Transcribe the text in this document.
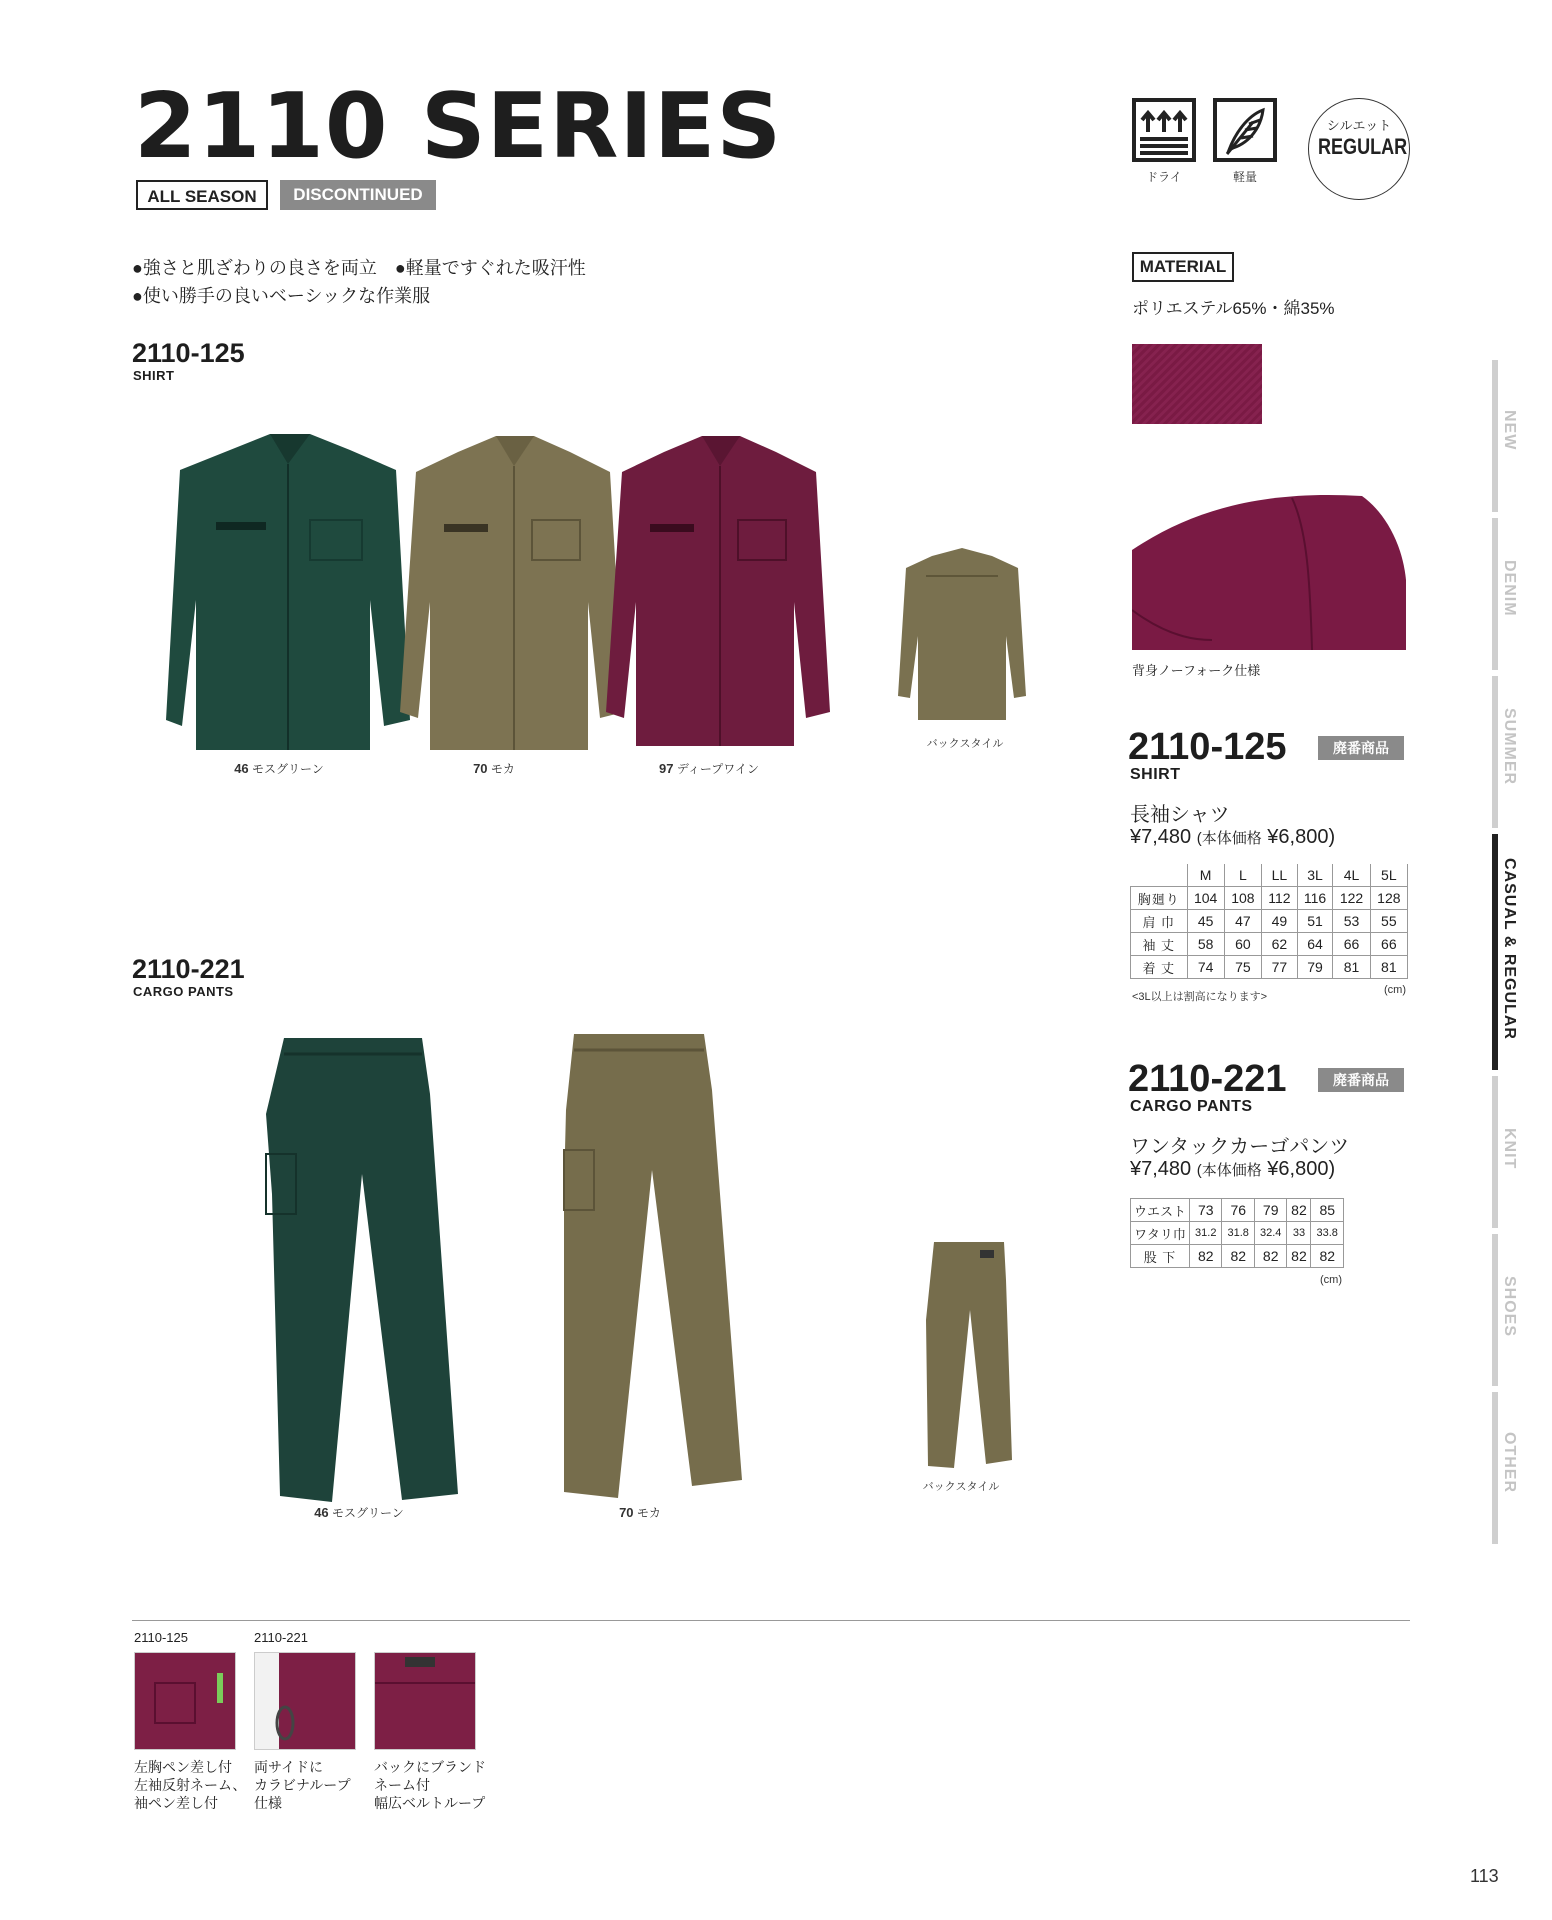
2110 SERIES
ALL SEASON	DISCONTINUED
●強さと肌ざわりの良さを両立　●軽量ですぐれた吸汗性
●使い勝手の良いベーシックな作業服
ドライ	軽量
シルエット
REGULAR
MATERIAL
ポリエステル65%・綿35%
背身ノーフォーク仕様
2110-125
SHIRT
46 モスグリーン	70 モカ	97 ディープワイン
バックスタイル	2110-125	廃番商品
SHIRT
長袖シャツ
¥7,480 (本体価格 ¥6,800)
	M	L	LL	3L	4L	5L
胸廻り	104	108	112	116	122	128
肩 巾	45	47	49	51	53	55
袖 丈	58	60	62	64	66	66
着 丈	74	75	77	79	81	81
<3L以上は割高になります>
(cm)
2110-221
CARGO PANTS
46 モスグリーン	70 モカ
バックスタイル
2110-221	廃番商品
CARGO PANTS
ワンタックカーゴパンツ
¥7,480 (本体価格 ¥6,800)
ウエスト	73	76	79	82	85
ワタリ巾	31.2	31.8	32.4	33	33.8
股 下	82	82	82	82	82
(cm)
2110-125	2110-221
左胸ペン差し付
左袖反射ネーム、
袖ペン差し付
両サイドに
カラビナループ
仕様
バックにブランド
ネーム付
幅広ベルトループ
NEW
DENIM
SUMMER
CASUAL & REGULAR
KNIT
SHOES
OTHER
113
